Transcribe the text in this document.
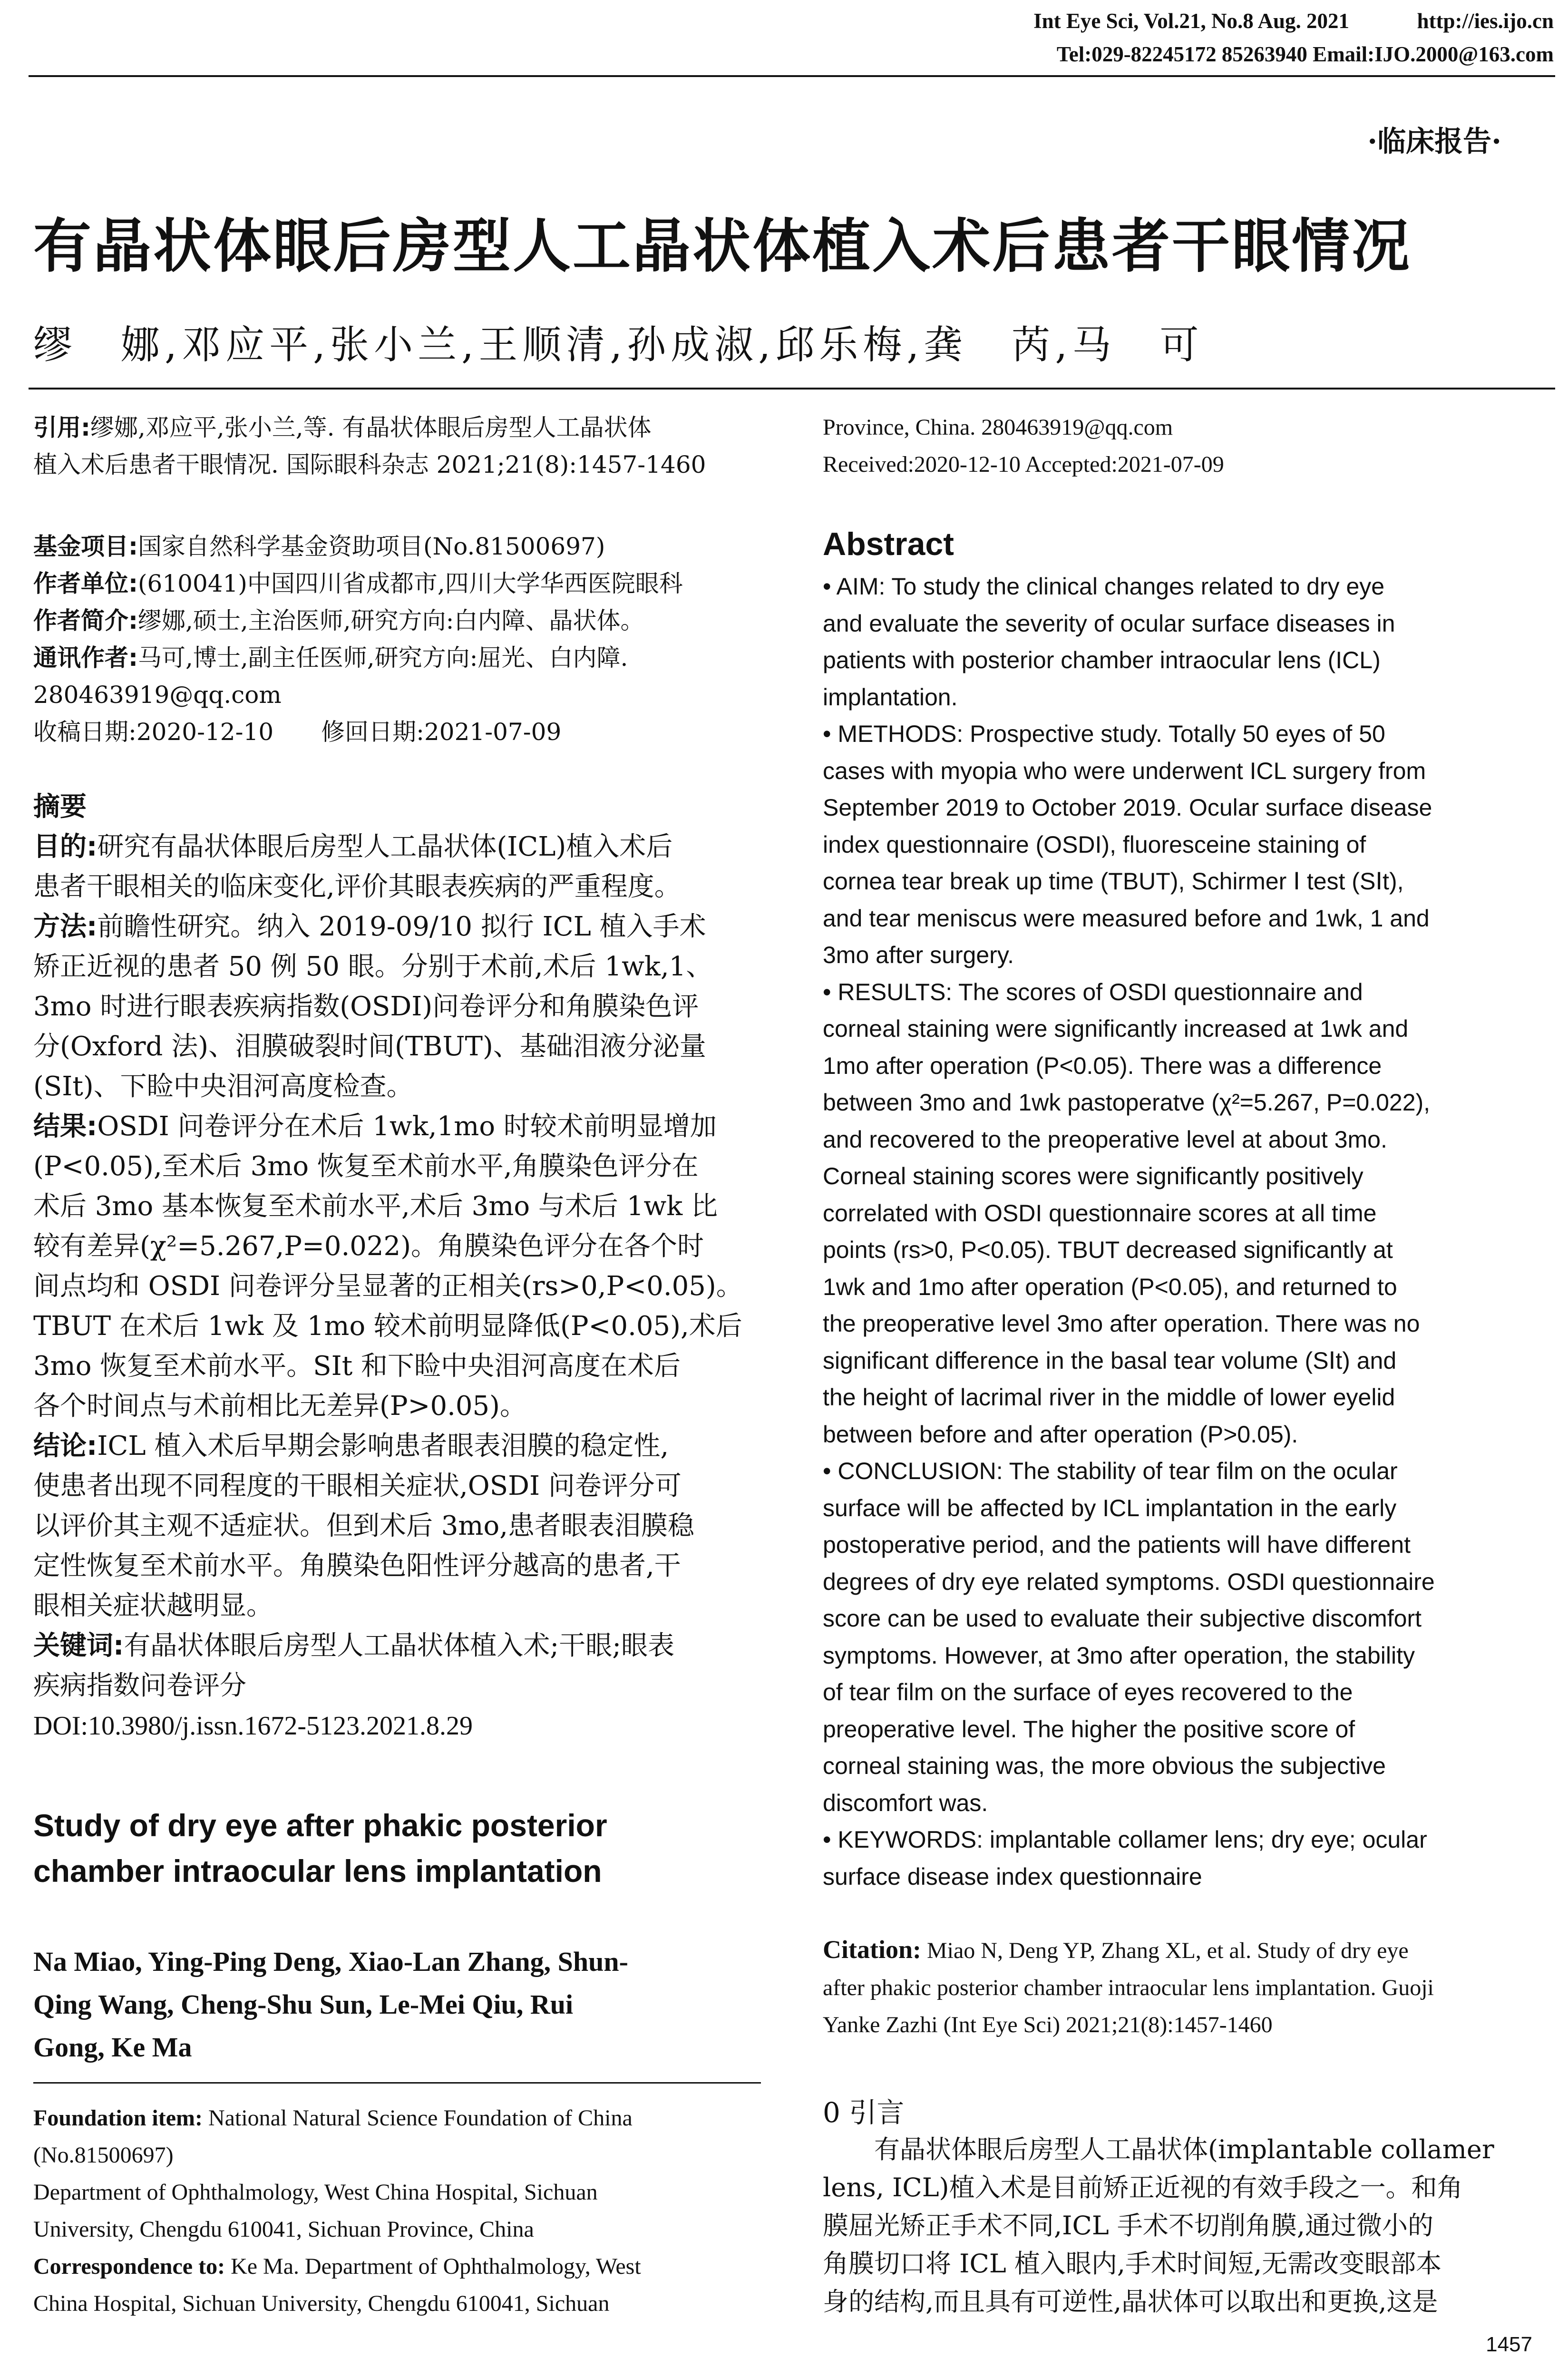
Int Eye Sci, Vol.21, No.8 Aug. 2021	http://ies.ijo.cn
Tel:029-82245172 85263940 Email:IJO.2000@163.com
·临床报告·
有晶状体眼后房型人工晶状体植入术后患者干眼情况
缪　娜,邓应平,张小兰,王顺清,孙成淑,邱乐梅,龚　芮,马　可
引用:缪娜,邓应平,张小兰,等. 有晶状体眼后房型人工晶状体
植入术后患者干眼情况. 国际眼科杂志 2021;21(8):1457-1460
基金项目:国家自然科学基金资助项目(No.81500697)
作者单位:(610041)中国四川省成都市,四川大学华西医院眼科
作者简介:缪娜,硕士,主治医师,研究方向:白内障、晶状体。
通讯作者:马可,博士,副主任医师,研究方向:屈光、白内障.
280463919@qq.com
收稿日期:2020-12-10　　修回日期:2021-07-09
摘要
目的:研究有晶状体眼后房型人工晶状体(ICL)植入术后
患者干眼相关的临床变化,评价其眼表疾病的严重程度。
方法:前瞻性研究。纳入 2019-09/10 拟行 ICL 植入手术
矫正近视的患者 50 例 50 眼。分别于术前,术后 1wk,1、
3mo 时进行眼表疾病指数(OSDI)问卷评分和角膜染色评
分(Oxford 法)、泪膜破裂时间(TBUT)、基础泪液分泌量
(SⅠt)、下睑中央泪河高度检查。
结果:OSDI 问卷评分在术后 1wk,1mo 时较术前明显增加
(P<0.05),至术后 3mo 恢复至术前水平,角膜染色评分在
术后 3mo 基本恢复至术前水平,术后 3mo 与术后 1wk 比
较有差异(χ²=5.267,P=0.022)。角膜染色评分在各个时
间点均和 OSDI 问卷评分呈显著的正相关(rs>0,P<0.05)。
TBUT 在术后 1wk 及 1mo 较术前明显降低(P<0.05),术后
3mo 恢复至术前水平。SⅠt 和下睑中央泪河高度在术后
各个时间点与术前相比无差异(P>0.05)。
结论:ICL 植入术后早期会影响患者眼表泪膜的稳定性,
使患者出现不同程度的干眼相关症状,OSDI 问卷评分可
以评价其主观不适症状。但到术后 3mo,患者眼表泪膜稳
定性恢复至术前水平。角膜染色阳性评分越高的患者,干
眼相关症状越明显。
关键词:有晶状体眼后房型人工晶状体植入术;干眼;眼表
疾病指数问卷评分
DOI:10.3980/j.issn.1672-5123.2021.8.29
Study of dry eye after phakic posterior
chamber intraocular lens implantation
Na Miao, Ying-Ping Deng, Xiao-Lan Zhang, Shun-
Qing Wang, Cheng-Shu Sun, Le-Mei Qiu, Rui
Gong, Ke Ma
Foundation item: National Natural Science Foundation of China
(No.81500697)
Department of Ophthalmology, West China Hospital, Sichuan
University, Chengdu 610041, Sichuan Province, China
Correspondence to: Ke Ma. Department of Ophthalmology, West
China Hospital, Sichuan University, Chengdu 610041, Sichuan
Province, China. 280463919@qq.com
Received:2020-12-10 Accepted:2021-07-09
Abstract
• AIM: To study the clinical changes related to dry eye
and evaluate the severity of ocular surface diseases in
patients with posterior chamber intraocular lens (ICL)
implantation.
• METHODS: Prospective study. Totally 50 eyes of 50
cases with myopia who were underwent ICL surgery from
September 2019 to October 2019. Ocular surface disease
index questionnaire (OSDI), fluoresceine staining of
cornea tear break up time (TBUT), Schirmer Ⅰ test (SⅠt),
and tear meniscus were measured before and 1wk, 1 and
3mo after surgery.
• RESULTS: The scores of OSDI questionnaire and
corneal staining were significantly increased at 1wk and
1mo after operation (P<0.05). There was a difference
between 3mo and 1wk pastoperatve (χ²=5.267, P=0.022),
and recovered to the preoperative level at about 3mo.
Corneal staining scores were significantly positively
correlated with OSDI questionnaire scores at all time
points (rs>0, P<0.05). TBUT decreased significantly at
1wk and 1mo after operation (P<0.05), and returned to
the preoperative level 3mo after operation. There was no
significant difference in the basal tear volume (SⅠt) and
the height of lacrimal river in the middle of lower eyelid
between before and after operation (P>0.05).
• CONCLUSION: The stability of tear film on the ocular
surface will be affected by ICL implantation in the early
postoperative period, and the patients will have different
degrees of dry eye related symptoms. OSDI questionnaire
score can be used to evaluate their subjective discomfort
symptoms. However, at 3mo after operation, the stability
of tear film on the surface of eyes recovered to the
preoperative level. The higher the positive score of
corneal staining was, the more obvious the subjective
discomfort was.
• KEYWORDS: implantable collamer lens; dry eye; ocular
surface disease index questionnaire
Citation: Miao N, Deng YP, Zhang XL, et al. Study of dry eye
after phakic posterior chamber intraocular lens implantation. Guoji
Yanke Zazhi (Int Eye Sci) 2021;21(8):1457-1460
0 引言
　　有晶状体眼后房型人工晶状体(implantable collamer
lens, ICL)植入术是目前矫正近视的有效手段之一。和角
膜屈光矫正手术不同,ICL 手术不切削角膜,通过微小的
角膜切口将 ICL 植入眼内,手术时间短,无需改变眼部本
身的结构,而且具有可逆性,晶状体可以取出和更换,这是
1457
